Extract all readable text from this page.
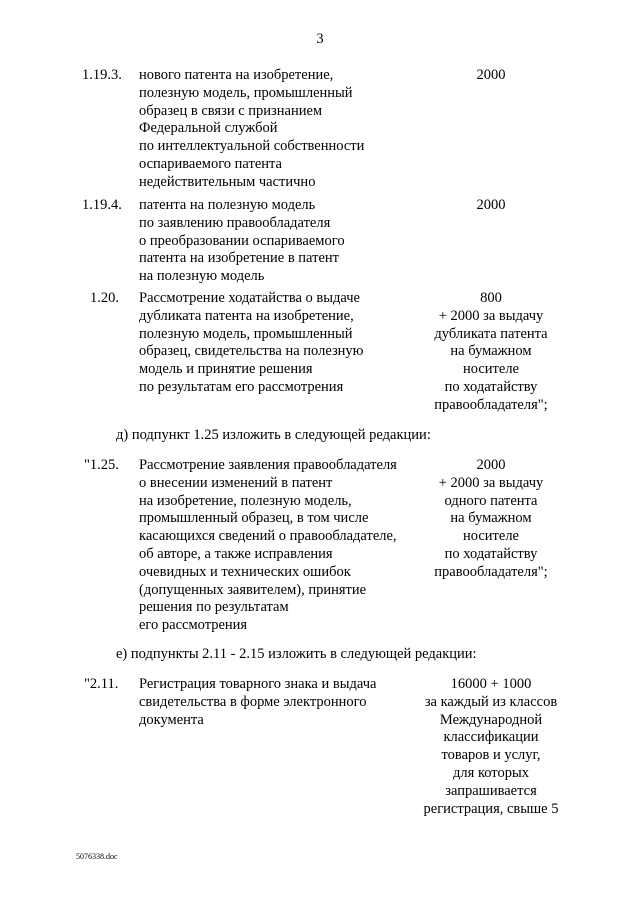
3
1.19.3. нового патента на изобретение,
полезную модель, промышленный
образец в связи с признанием
Федеральной службой
по интеллектуальной собственности
оспариваемого патента
недействительным частично
2000
1.19.4. патента на полезную модель
по заявлению правообладателя
о преобразовании оспариваемого
патента на изобретение в патент
на полезную модель
2000
1.20. Рассмотрение ходатайства о выдаче
дубликата патента на изобретение,
полезную модель, промышленный
образец, свидетельства на полезную
модель и принятие решения
по результатам его рассмотрения
800
+ 2000 за выдачу
дубликата патента
на бумажном
носителе
по ходатайству
правообладателя";
д) подпункт 1.25 изложить в следующей редакции:
"1.25. Рассмотрение заявления правообладателя
о внесении изменений в патент
на изобретение, полезную модель,
промышленный образец, в том числе
касающихся сведений о правообладателе,
об авторе, а также исправления
очевидных и технических ошибок
(допущенных заявителем), принятие
решения по результатам
его рассмотрения
2000
+ 2000 за выдачу
одного патента
на бумажном
носителе
по ходатайству
правообладателя";
е) подпункты 2.11 - 2.15 изложить в следующей редакции:
"2.11. Регистрация товарного знака и выдача
свидетельства в форме электронного
документа
16000 + 1000
за каждый из классов
Международной
классификации
товаров и услуг,
для которых
запрашивается
регистрация, свыше 5
5076338.doc
